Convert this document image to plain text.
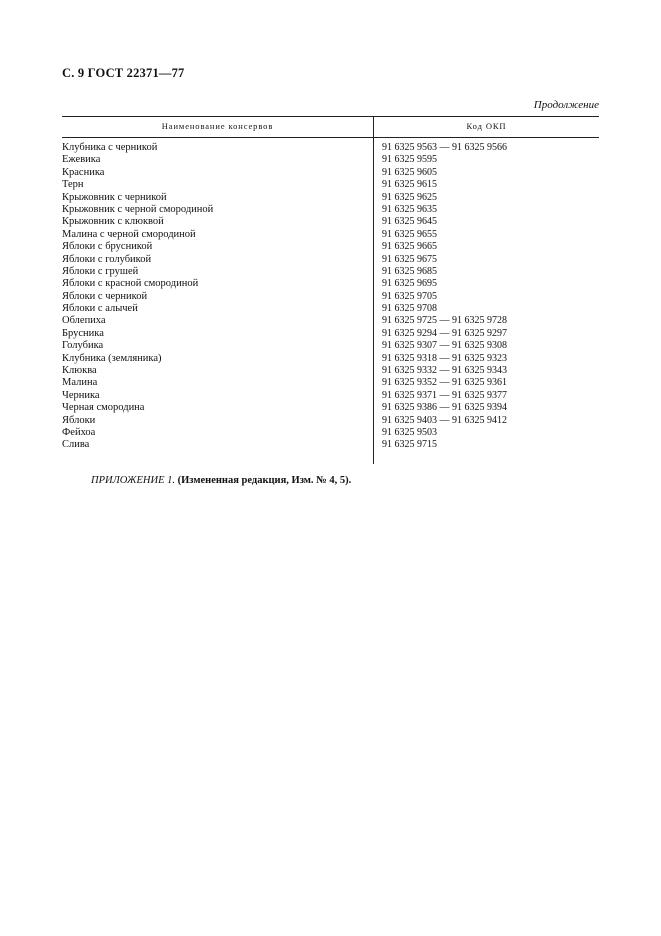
С. 9 ГОСТ 22371—77
Продолжение
Наименование консервов	Код ОКП
Клубника с черникой	91 6325 9563 — 91 6325 9566
Ежевика	91 6325 9595
Красника	91 6325 9605
Терн	91 6325 9615
Крыжовник с черникой	91 6325 9625
Крыжовник с черной смородиной	91 6325 9635
Крыжовник с клюквой	91 6325 9645
Малина с черной смородиной	91 6325 9655
Яблоки с брусникой	91 6325 9665
Яблоки с голубикой	91 6325 9675
Яблоки с грушей	91 6325 9685
Яблоки с красной смородиной	91 6325 9695
Яблоки с черникой	91 6325 9705
Яблоки с алычей	91 6325 9708
Облепиха	91 6325 9725 — 91 6325 9728
Брусника	91 6325 9294 — 91 6325 9297
Голубика	91 6325 9307 — 91 6325 9308
Клубника (земляника)	91 6325 9318 — 91 6325 9323
Клюква	91 6325 9332 — 91 6325 9343
Малина	91 6325 9352 — 91 6325 9361
Черника	91 6325 9371 — 91 6325 9377
Черная смородина	91 6325 9386 — 91 6325 9394
Яблоки	91 6325 9403 — 91 6325 9412
Фейхоа	91 6325 9503
Слива	91 6325 9715
ПРИЛОЖЕНИЕ 1. (Измененная редакция, Изм. № 4, 5).
